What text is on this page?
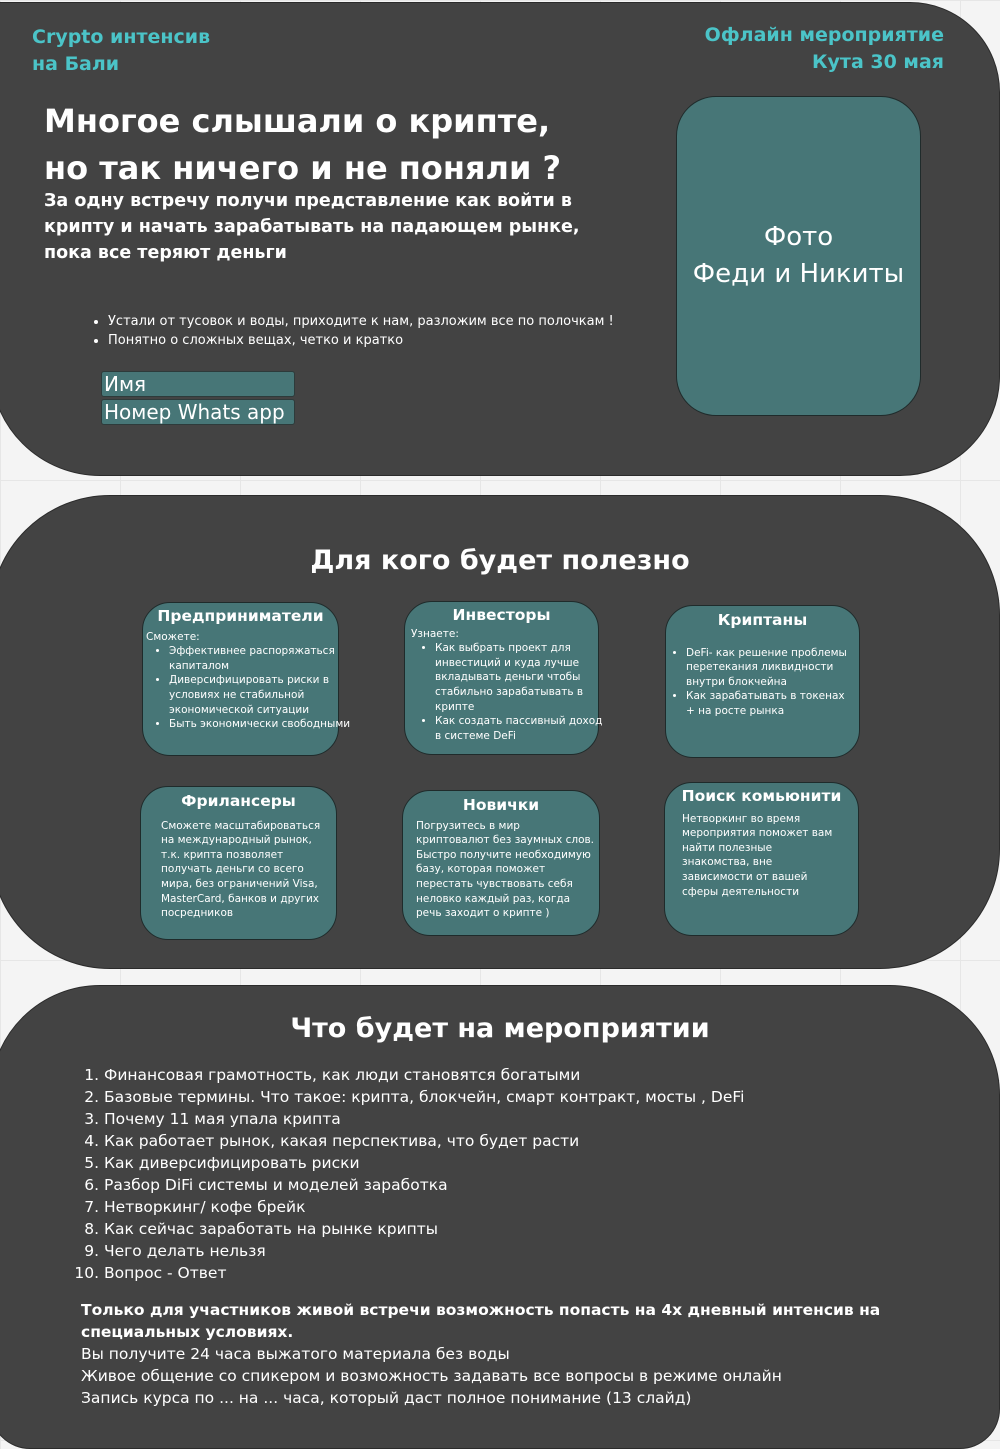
Crypto интенсив
на Бали
Офлайн мероприятие
Кута 30 мая
Многое слышали о крипте,
но так ничего и не поняли ?
За одну встречу получи представление как войти в крипту и начать зарабатывать на падающем рынке, пока все теряют деньги
• Устали от тусовок и воды, приходите к нам, разложим все по полочкам !
• Понятно о сложных вещах, четко и кратко
Имя
Номер Whats app
Фото
Феди и Никиты
Для кого будет полезно
Предприниматели
Сможете:
• Эффективнее распоряжаться капиталом
• Диверсифицировать риски в условиях не стабильной экономической ситуации
• Быть экономически свободными
Инвесторы
Узнаете:
• Как выбрать проект для инвестиций и куда лучше вкладывать деньги чтобы стабильно зарабатывать в крипте
• Как создать пассивный доход в системе DeFi
Криптаны
• DeFi- как решение проблемы перетекания ликвидности внутри блокчейна
• Как зарабатывать в токенах + на росте рынка
Фрилансеры

Сможете масштабироваться на международный рынок, т.к. крипта позволяет получать деньги со всего мира, без ограничений Visa, MasterCard, банков и других посредников

Новички

Погрузитесь в мир криптовалют без заумных слов.

Быстро получите необходимую базу, которая поможет перестать чувствовать себя неловко каждый раз, когда речь заходит о крипте )

Поиск комьюнити

Нетворкинг во время мероприятия поможет вам найти полезные знакомства, вне зависимости от вашей сферы деятельности

Что будет на мероприятии
1. Финансовая грамотность, как люди становятся богатыми
2. Базовые термины. Что такое: крипта, блокчейн, смарт контракт, мосты , DeFi
3. Почему 11 мая упала крипта
4. Как работает рынок, какая перспектива, что будет расти
5. Как диверсифицировать риски
6. Разбор DiFi системы и моделей заработка
7. Нетворкинг/ кофе брейк
8. Как сейчас заработать на рынке крипты
9. Чего делать нельзя
10. Вопрос - Ответ
Только для участников живой встречи возможность попасть на 4х дневный интенсив на специальных условиях.
Вы получите 24 часа выжатого материала без воды
Живое общение со спикером и возможность задавать все вопросы в режиме онлайн
Запись курса по ... на ... часа, который даст полное понимание (13 слайд)
